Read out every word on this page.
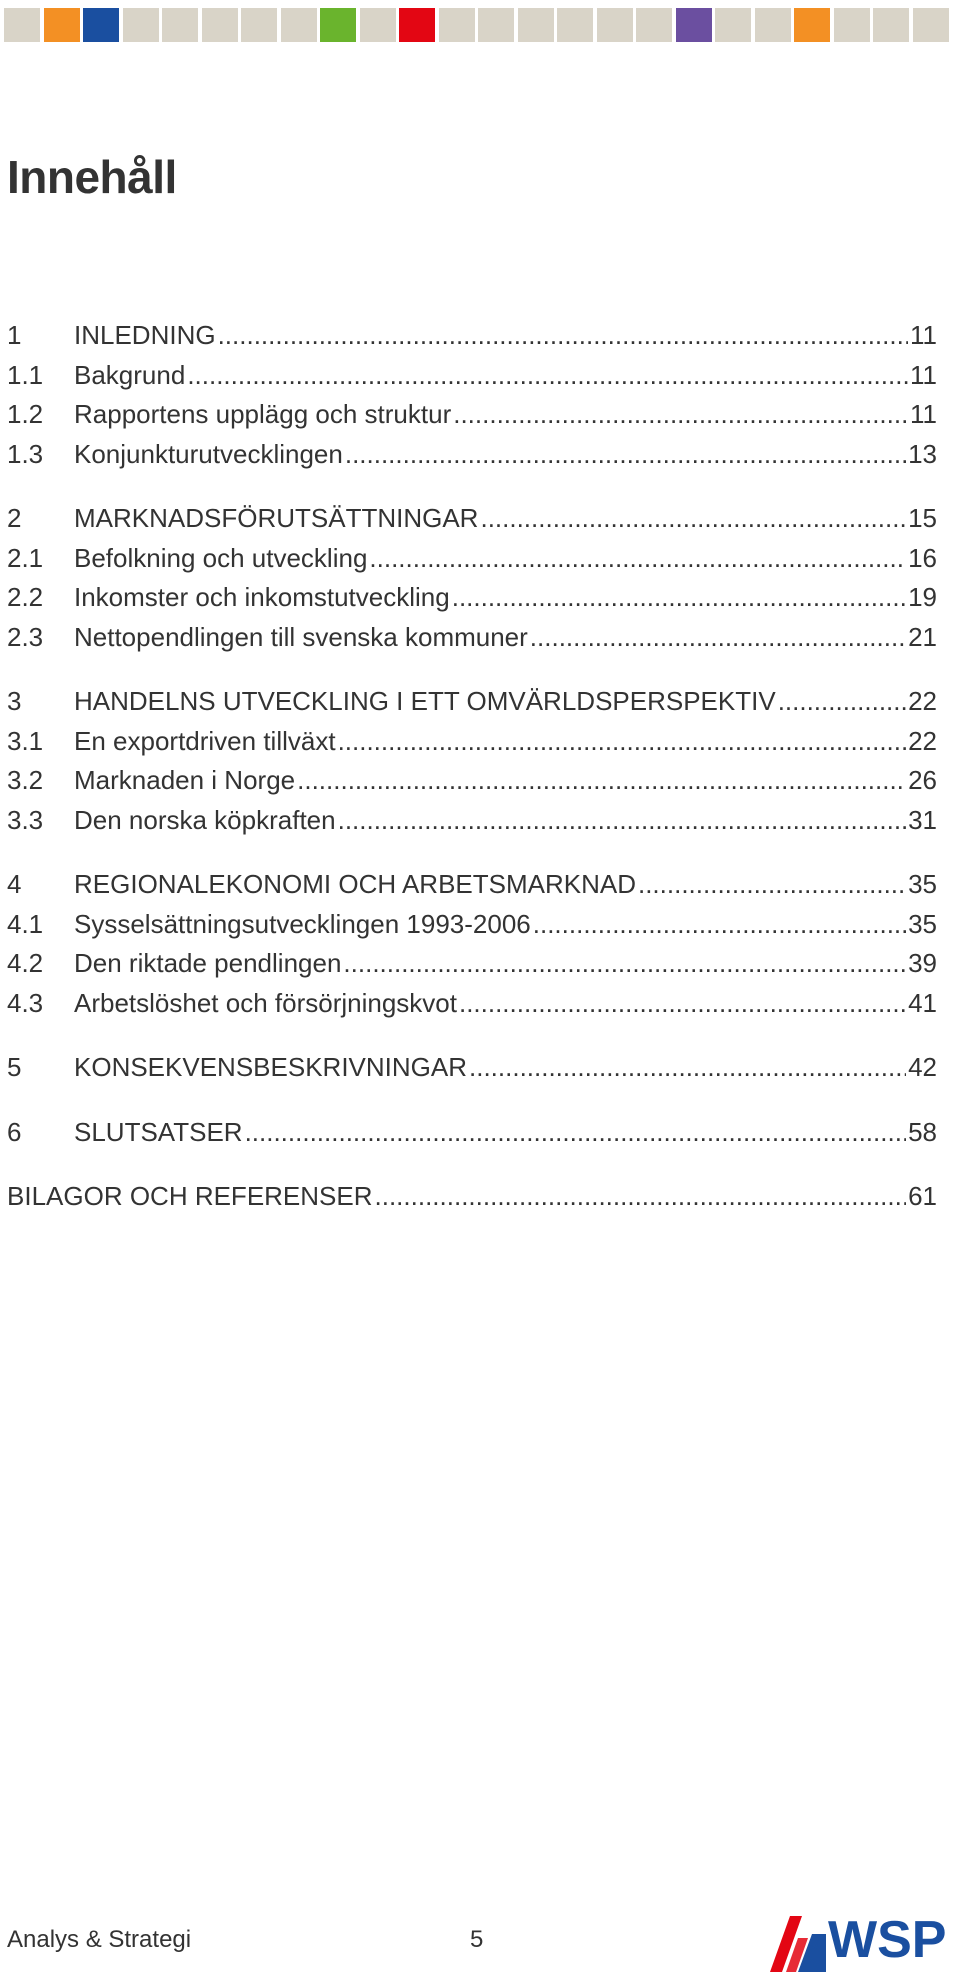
Innehåll
1	INLEDNING .....	11
1.1	Bakgrund .....	11
1.2	Rapportens upplägg och struktur .....	11
1.3	Konjunkturutvecklingen .....	13
2	MARKNADSFÖRUTSÄTTNINGAR .....	15
2.1	Befolkning och utveckling .....	16
2.2	Inkomster och inkomstutveckling .....	19
2.3	Nettopendlingen till svenska kommuner .....	21
3	HANDELNS UTVECKLING I ETT OMVÄRLDSPERSPEKTIV .....	22
3.1	En exportdriven tillväxt .....	22
3.2	Marknaden i Norge .....	26
3.3	Den norska köpkraften .....	31
4	REGIONALEKONOMI OCH ARBETSMARKNAD .....	35
4.1	Sysselsättningsutvecklingen 1993-2006 .....	35
4.2	Den riktade pendlingen .....	39
4.3	Arbetslöshet och försörjningskvot .....	41
5	KONSEKVENSBESKRIVNINGAR .....	42
6	SLUTSATSER .....	58
BILAGOR OCH REFERENSER .....	61
Analys & Strategi	5	WSP
